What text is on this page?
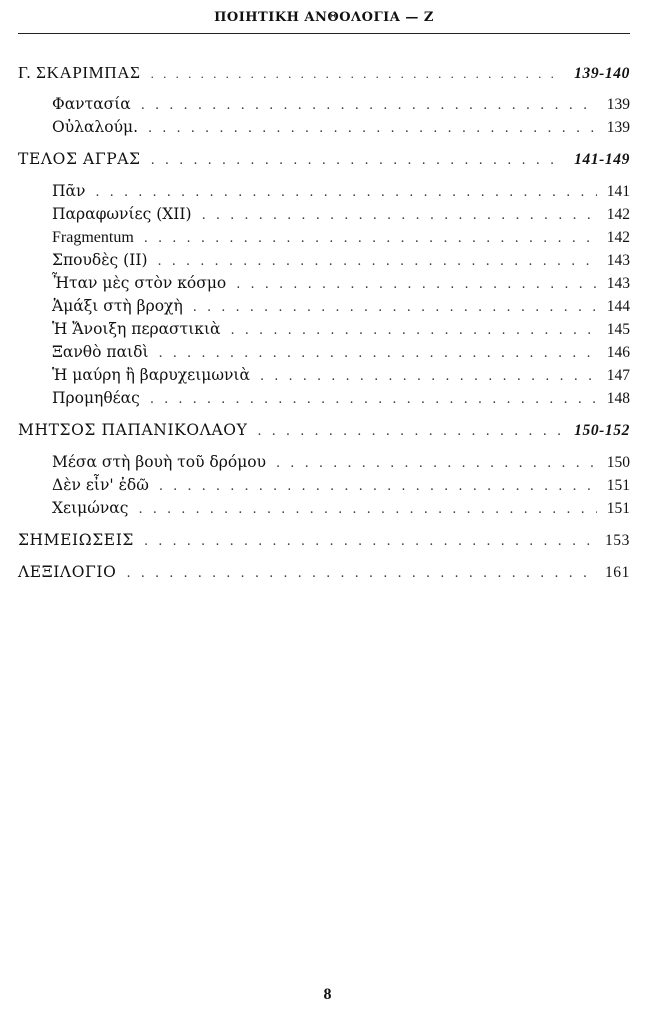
ΠΟΙΗΤΙΚΗ ΑΝΘΟΛΟΓΙΑ — Ζ
Γ. ΣΚΑΡΙΜΠΑΣ . . .	139-140
Φαντασία . . .	139
Οὐλαλούμ. . . .	139
ΤΕΛΟΣ ΑΓΡΑΣ . . .	141-149
Πᾶν . . .	141
Παραφωνίες (XII) . . .	142
Fragmentum . . .	142
Σπουδὲς (II) . . .	143
Ἦταν μὲς στὸν κόσμο . . .	143
Ἁμάξι στὴ βροχὴ . . .	144
Ἡ Ἄνοιξη περαστικιὰ . . .	145
Ξανθὸ παιδὶ . . .	146
Ἡ μαύρη ἢ βαρυχειμωνιὰ . . .	147
Προμηθέας . . .	148
ΜΗΤΣΟΣ ΠΑΠΑΝΙΚΟΛΑΟΥ . . .	150-152
Μέσα στὴ βουὴ τοῦ δρόμου . . .	150
Δὲν εἶν' ἐδῶ . . .	151
Χειμώνας . . .	151
ΣΗΜΕΙΩΣΕΙΣ . . .	153
ΛΕΞΙΛΟΓΙΟ . . .	161
8
